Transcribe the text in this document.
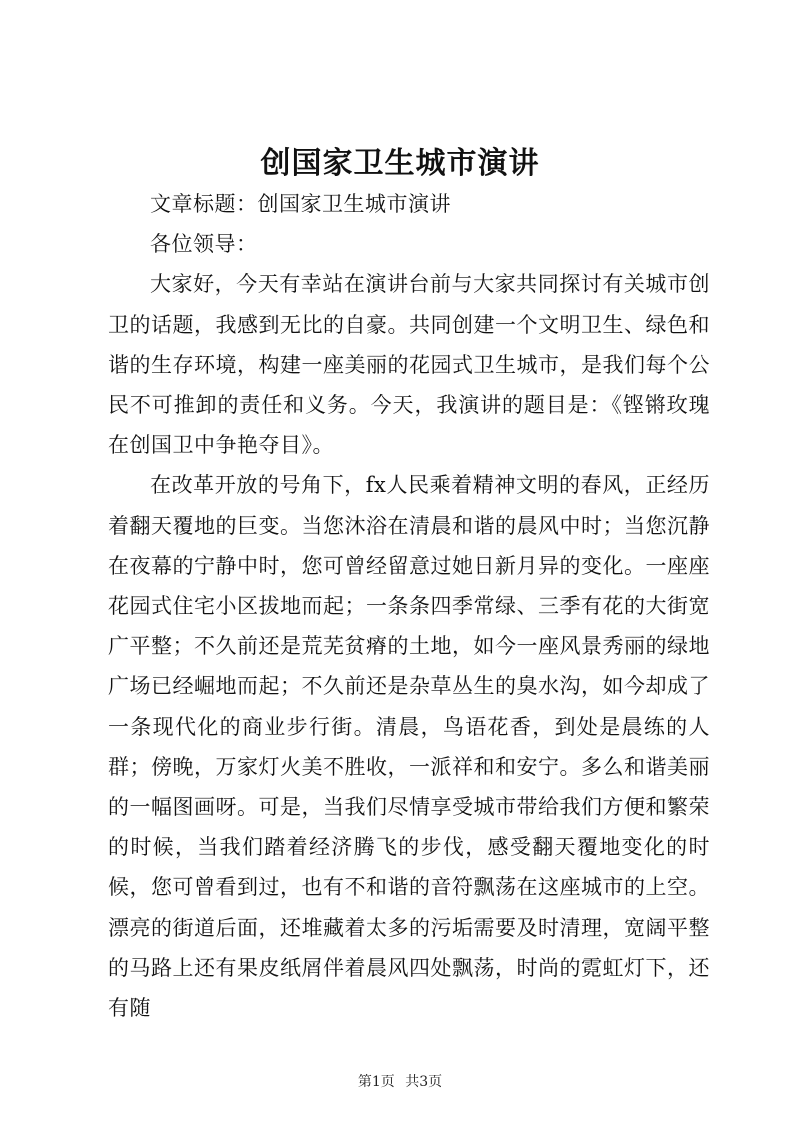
创国家卫生城市演讲

文章标题：创国家卫生城市演讲

各位领导：

大家好，今天有幸站在演讲台前与大家共同探讨有关城市创卫的话题，我感到无比的自豪。共同创建一个文明卫生、绿色和谐的生存环境，构建一座美丽的花园式卫生城市，是我们每个公民不可推卸的责任和义务。今天，我演讲的题目是：《铿锵玫瑰在创国卫中争艳夺目》。

在改革开放的号角下，fx人民乘着精神文明的春风，正经历着翻天覆地的巨变。当您沐浴在清晨和谐的晨风中时；当您沉静在夜幕的宁静中时，您可曾经留意过她日新月异的变化。一座座花园式住宅小区拔地而起；一条条四季常绿、三季有花的大街宽广平整；不久前还是荒芜贫瘠的土地，如今一座风景秀丽的绿地广场已经崛地而起；不久前还是杂草丛生的臭水沟，如今却成了一条现代化的商业步行街。清晨，鸟语花香，到处是晨练的人群；傍晚，万家灯火美不胜收，一派祥和和安宁。多么和谐美丽的一幅图画呀。可是，当我们尽情享受城市带给我们方便和繁荣的时候，当我们踏着经济腾飞的步伐，感受翻天覆地变化的时候，您可曾看到过，也有不和谐的音符飘荡在这座城市的上空。漂亮的街道后面，还堆藏着太多的污垢需要及时清理，宽阔平整的马路上还有果皮纸屑伴着晨风四处飘荡，时尚的霓虹灯下，还有随

第1页 共3页
